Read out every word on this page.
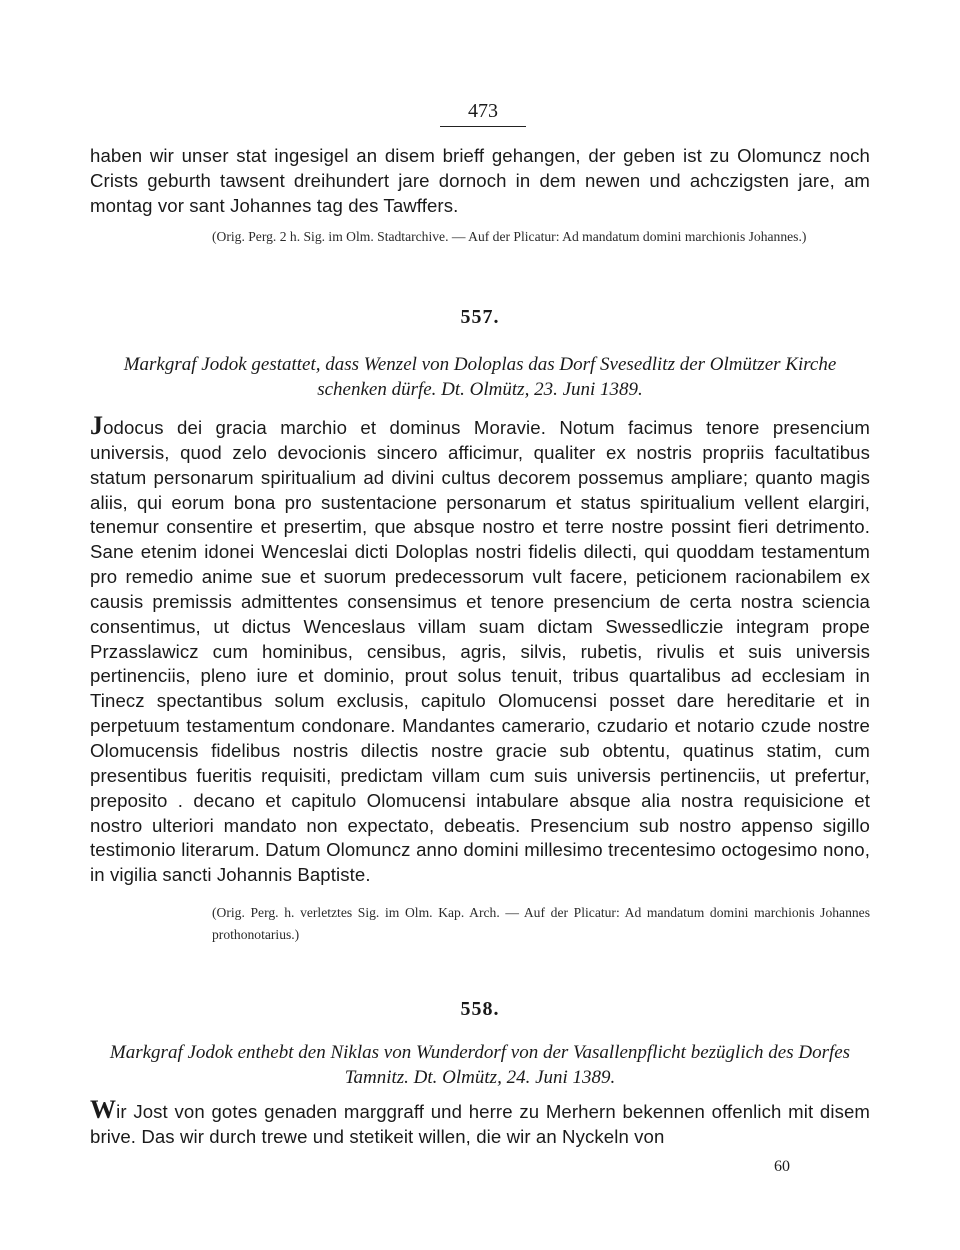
473

haben wir unser stat ingesigel an disem brieff gehangen, der geben ist zu Olomuncz noch Crists geburth tawsent dreihundert jare dornoch in dem newen und achczigsten jare, am montag vor sant Johannes tag des Tawffers.

(Orig. Perg. 2 h. Sig. im Olm. Stadtarchive. — Auf der Plicatur: Ad mandatum domini marchionis Johannes.)

557.

Markgraf Jodok gestattet, dass Wenzel von Doloplas das Dorf Svesedlitz der Olmützer Kirche schenken dürfe. Dt. Olmütz, 23. Juni 1389.

Jodocus dei gracia marchio et dominus Moravie. Notum facimus tenore presencium universis, quod zelo devocionis sincero afficimur, qualiter ex nostris propriis facultatibus statum personarum spiritualium ad divini cultus decorem possemus ampliare; quanto magis aliis, qui eorum bona pro sustentacione personarum et status spiritualium vellent elargiri, tenemur consentire et presertim, que absque nostro et terre nostre possint fieri detrimento. Sane etenim idonei Wenceslai dicti Doloplas nostri fidelis dilecti, qui quoddam testamentum pro remedio anime sue et suorum predecessorum vult facere, peticionem racionabilem ex causis premissis admittentes consensimus et tenore presencium de certa nostra sciencia consentimus, ut dictus Wenceslaus villam suam dictam Swessedliczie integram prope Przasslawicz cum hominibus, censibus, agris, silvis, rubetis, rivulis et suis universis pertinenciis, pleno iure et dominio, prout solus tenuit, tribus quartalibus ad ecclesiam in Tinecz spectantibus solum exclusis, capitulo Olomucensi posset dare hereditarie et in perpetuum testamentum condonare. Mandantes camerario, czudario et notario czude nostre Olomucensis fidelibus nostris dilectis nostre gracie sub obtentu, quatinus statim, cum presentibus fueritis requisiti, predictam villam cum suis universis pertinenciis, ut prefertur, preposito . decano et capitulo Olomucensi intabulare absque alia nostra requisicione et nostro ulteriori mandato non expectato, debeatis. Presencium sub nostro appenso sigillo testimonio literarum. Datum Olomuncz anno domini millesimo trecentesimo octogesimo nono, in vigilia sancti Johannis Baptiste.

(Orig. Perg. h. verletztes Sig. im Olm. Kap. Arch. — Auf der Plicatur: Ad mandatum domini marchionis Johannes prothonotarius.)

558.

Markgraf Jodok enthebt den Niklas von Wunderdorf von der Vasallenpflicht bezüglich des Dorfes Tamnitz. Dt. Olmütz, 24. Juni 1389.

Wir Jost von gotes genaden marggraff und herre zu Merhern bekennen offenlich mit disem brive. Das wir durch trewe und stetikeit willen, die wir an Nyckeln von

60
